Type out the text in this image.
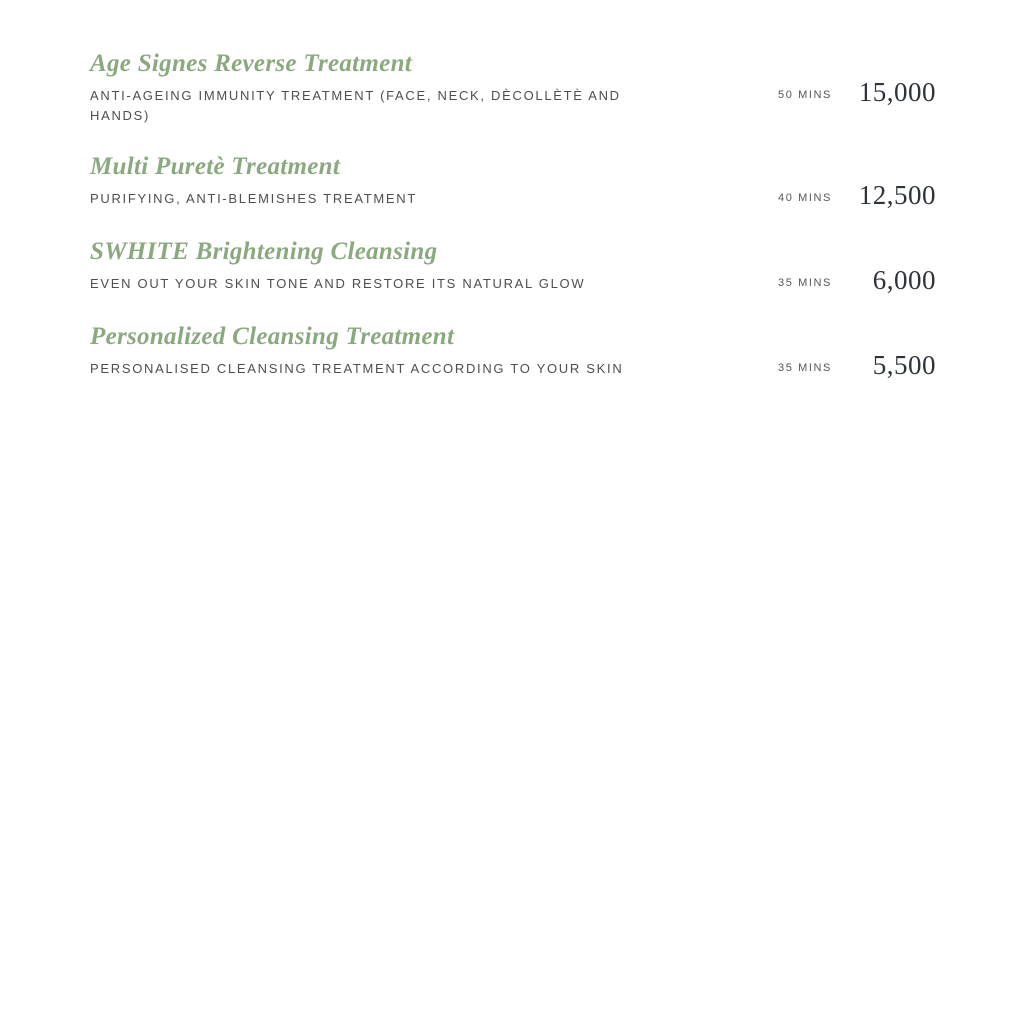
Age Signes Reverse Treatment

ANTI-AGEING IMMUNITY TREATMENT (FACE, NECK, DÈCOLLÈTÈ AND HANDS)

50 MINS 15,000
Multi Puretè Treatment

PURIFYING, ANTI-BLEMISHES TREATMENT	40 MINS 12,500
SWHITE Brightening Cleansing

EVEN OUT YOUR SKIN TONE AND RESTORE ITS NATURAL GLOW	35 MINS	6,000
Personalized Cleansing Treatment

PERSONALISED CLEANSING TREATMENT ACCORDING TO YOUR SKIN	35 MINS	5,500
